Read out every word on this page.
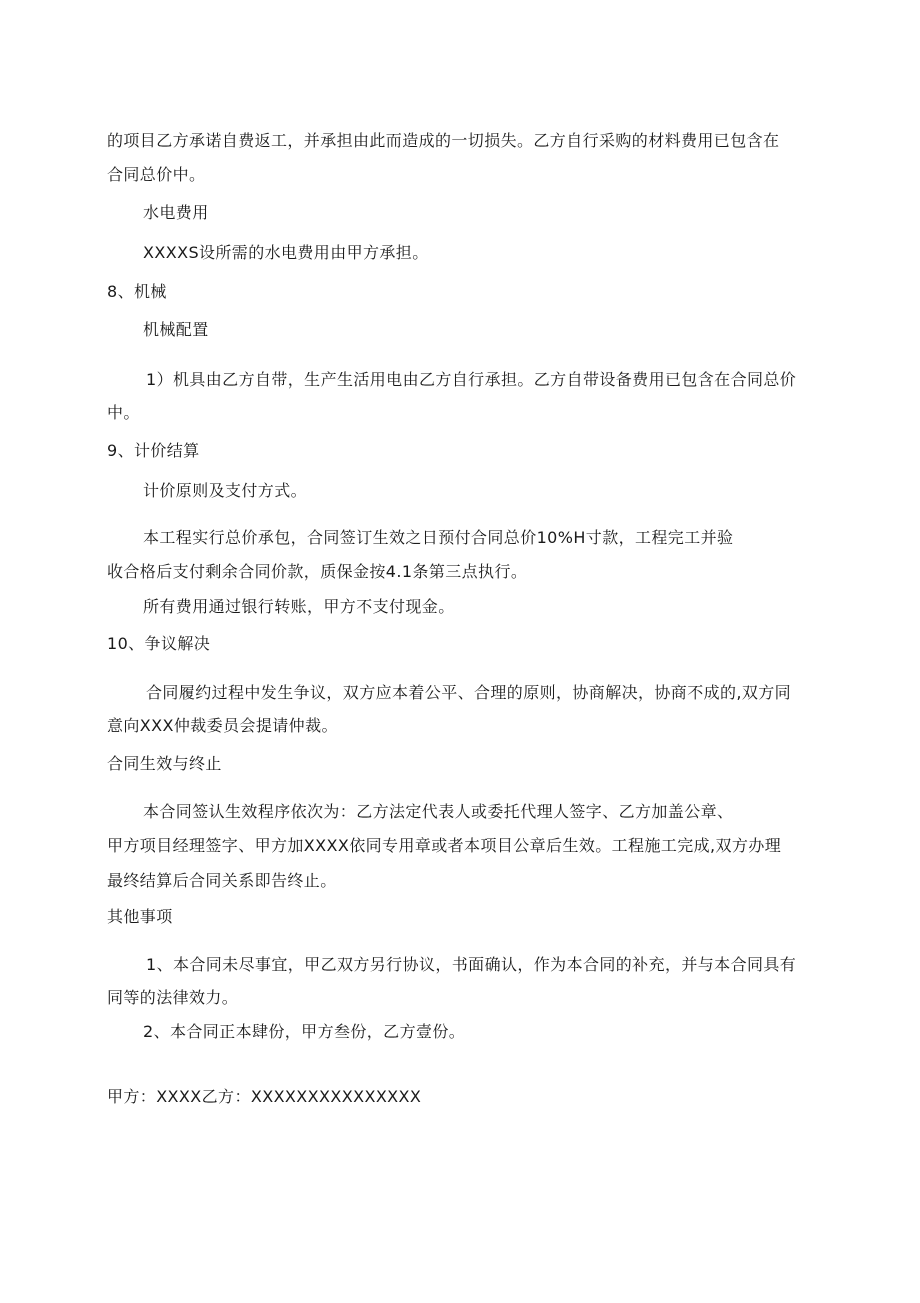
的项目乙方承诺自费返工，并承担由此而造成的一切损失。乙方自行采购的材料费用已包含在
合同总价中。
水电费用
XXXXS设所需的水电费用由甲方承担。
8、机械
机械配置
1）机具由乙方自带，生产生活用电由乙方自行承担。乙方自带设备费用已包含在合同总价
中。
9、计价结算
计价原则及支付方式。
本工程实行总价承包，合同签订生效之日预付合同总价10%H寸款，工程完工并验
收合格后支付剩余合同价款，质保金按4.1条第三点执行。
所有费用通过银行转账，甲方不支付现金。
10、争议解决
合同履约过程中发生争议，双方应本着公平、合理的原则，协商解决，协商不成的,双方同
意向XXX仲裁委员会提请仲裁。
合同生效与终止
本合同签认生效程序依次为：乙方法定代表人或委托代理人签字、乙方加盖公章、
甲方项目经理签字、甲方加XXXX依同专用章或者本项目公章后生效。工程施工完成,双方办理
最终结算后合同关系即告终止。
其他事项
1、本合同未尽事宜，甲乙双方另行协议，书面确认，作为本合同的补充，并与本合同具有
同等的法律效力。
2、本合同正本肆份，甲方叁份，乙方壹份。
甲方：XXXX乙方：XXXXXXXXXXXXXXX
